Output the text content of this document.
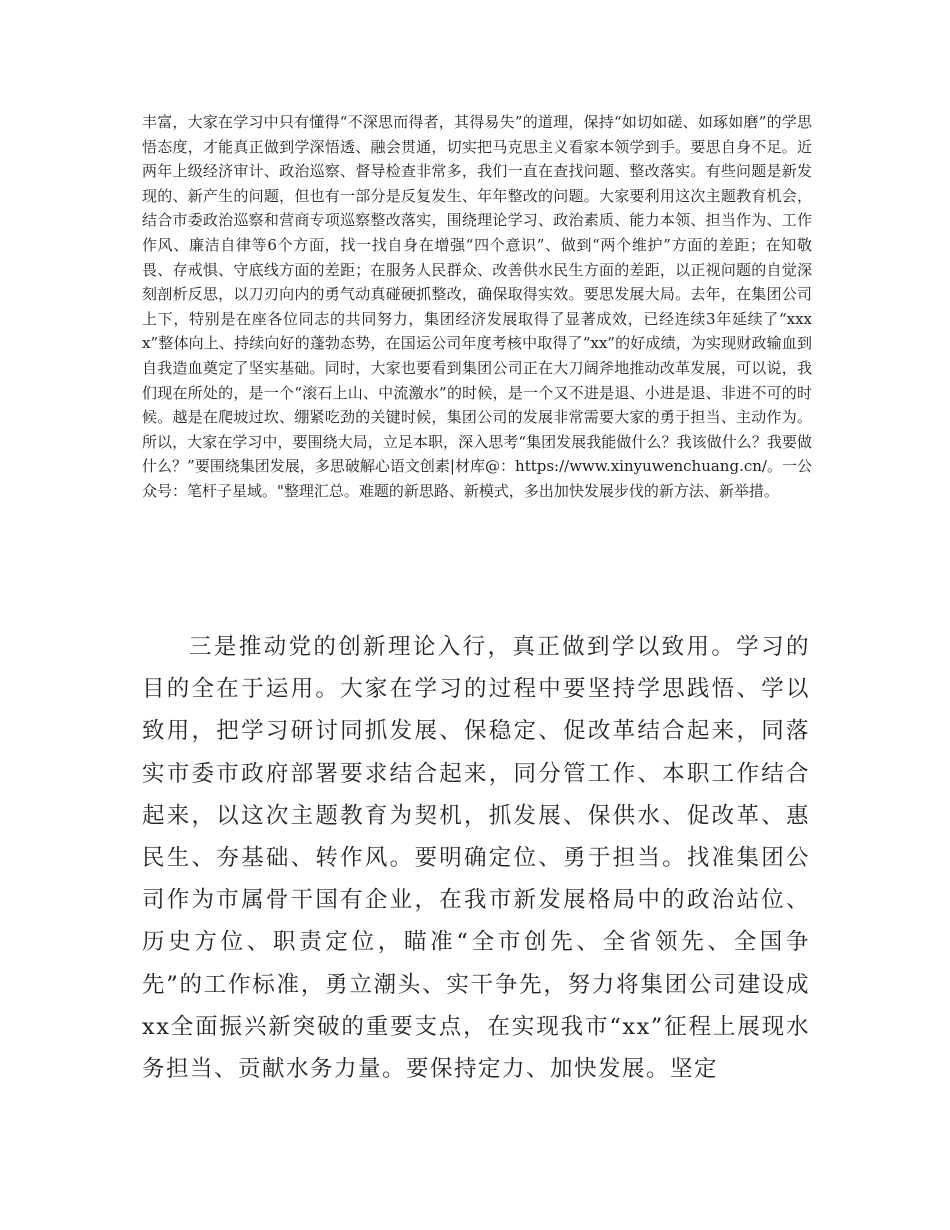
丰富，大家在学习中只有懂得“不深思而得者，其得易失”的道理，保持“如切如磋、如琢如磨”的学思悟态度，才能真正做到学深悟透、融会贯通，切实把马克思主义看家本领学到手。要思自身不足。近两年上级经济审计、政治巡察、督导检查非常多，我们一直在查找问题、整改落实。有些问题是新发现的、新产生的问题，但也有一部分是反复发生、年年整改的问题。大家要利用这次主题教育机会，结合市委政治巡察和营商专项巡察整改落实，围绕理论学习、政治素质、能力本领、担当作为、工作作风、廉洁自律等6个方面，找一找自身在增强“四个意识”、做到“两个维护”方面的差距；在知敬畏、存戒惧、守底线方面的差距；在服务人民群众、改善供水民生方面的差距，以正视问题的自觉深刻剖析反思，以刀刃向内的勇气动真碰硬抓整改，确保取得实效。要思发展大局。去年，在集团公司上下，特别是在座各位同志的共同努力，集团经济发展取得了显著成效，已经连续3年延续了“xxxx”整体向上、持续向好的蓬勃态势，在国运公司年度考核中取得了“xx”的好成绩，为实现财政输血到自我造血奠定了坚实基础。同时，大家也要看到集团公司正在大刀阔斧地推动改革发展，可以说，我们现在所处的，是一个“滚石上山、中流激水”的时候，是一个又不进是退、小进是退、非进不可的时候。越是在爬坡过坎、绷紧吃劲的关键时候，集团公司的发展非常需要大家的勇于担当、主动作为。所以，大家在学习中，要围绕大局，立足本职，深入思考“集团发展我能做什么？我该做什么？我要做什么？”要围绕集团发展，多思破解心语文创素|材库@：https://www.xinyuwenchuang.cn/。一公众号：笔杆子星域。"整理汇总。难题的新思路、新模式，多出加快发展步伐的新方法、新举措。

三是推动党的创新理论入行，真正做到学以致用。学习的目的全在于运用。大家在学习的过程中要坚持学思践悟、学以致用，把学习研讨同抓发展、保稳定、促改革结合起来，同落实市委市政府部署要求结合起来，同分管工作、本职工作结合起来，以这次主题教育为契机，抓发展、保供水、促改革、惠民生、夯基础、转作风。要明确定位、勇于担当。找准集团公司作为市属骨干国有企业，在我市新发展格局中的政治站位、历史方位、职责定位，瞄准“全市创先、全省领先、全国争先”的工作标准，勇立潮头、实干争先，努力将集团公司建设成xx全面振兴新突破的重要支点，在实现我市“xx”征程上展现水务担当、贡献水务力量。要保持定力、加快发展。坚定
